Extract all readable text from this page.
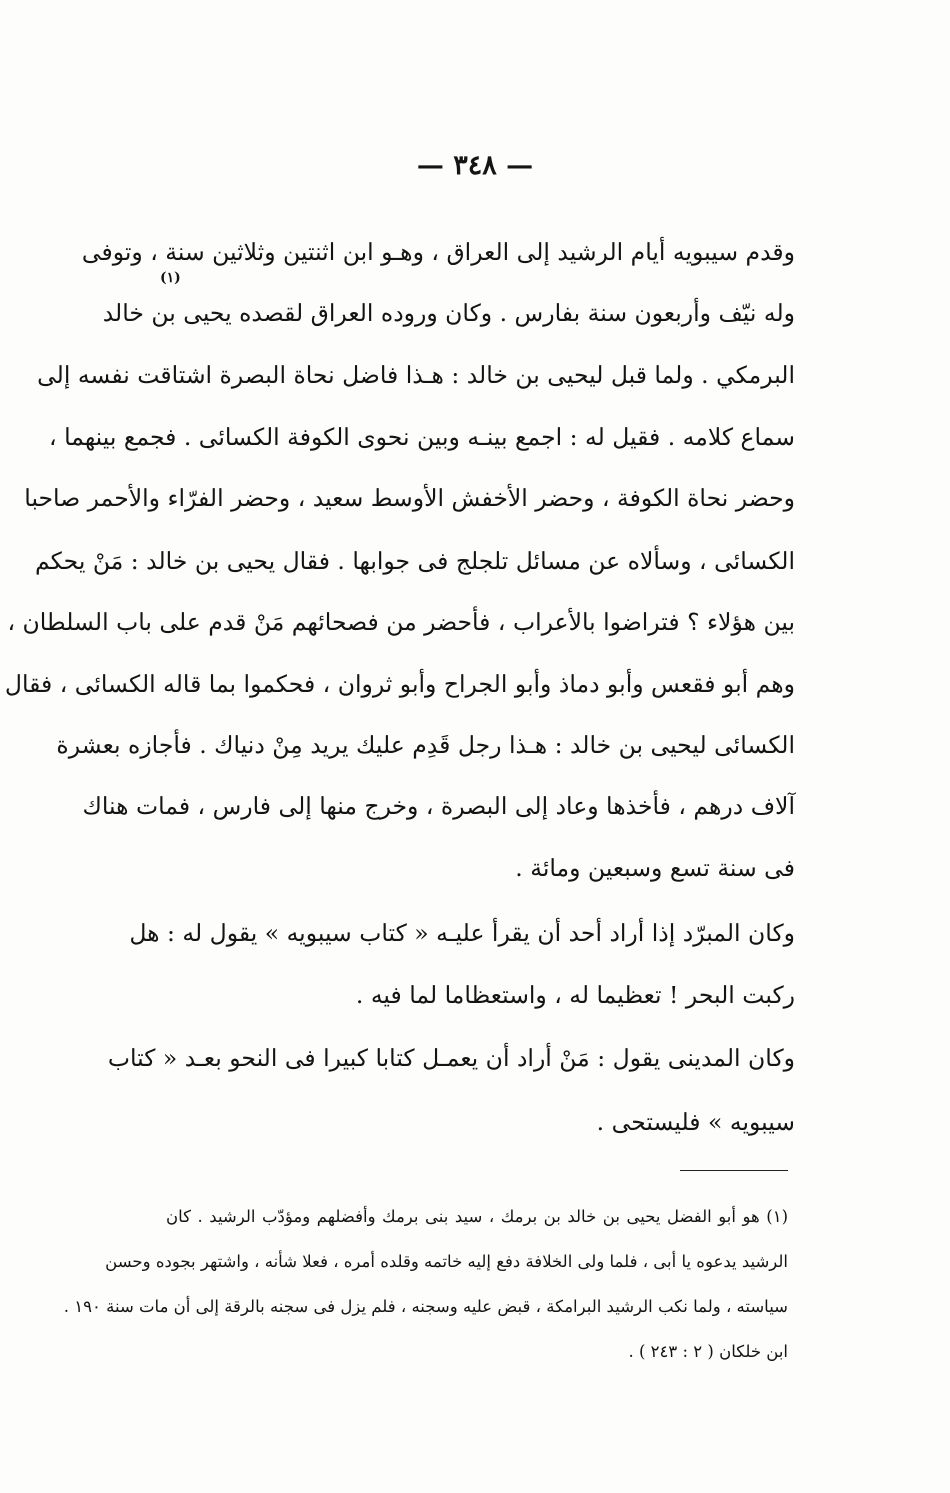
— ٣٤٨ —
وقدم سيبويه أيام الرشيد إلى العراق ، وهـو ابن اثنتين وثلاثين سنة ، وتوفى
(١)
وله نيّف وأربعون سنة بفارس . وكان وروده العراق لقصده يحيى بن خالد
البرمكي . ولما قبل ليحيى بن خالد : هـذا فاضل نحاة البصرة اشتاقت نفسه إلى
سماع كلامه . فقيل له : اجمع بينـه وبين نحوى الكوفة الكسائى . فجمع بينهما ،
وحضر نحاة الكوفة ، وحضر الأخفش الأوسط سعيد ، وحضر الفرّاء والأحمر صاحبا
الكسائى ، وسألاه عن مسائل تلجلج فى جوابها . فقال يحيى بن خالد : مَنْ يحكم
بين هؤلاء ؟ فتراضوا بالأعراب ، فأحضر من فصحائهم مَنْ قدم على باب السلطان ،
وهم أبو فقعس وأبو دماذ وأبو الجراح وأبو ثروان ، فحكموا بما قاله الكسائى ، فقال
الكسائى ليحيى بن خالد : هـذا رجل قَدِم عليك يريد مِنْ دنياك . فأجازه بعشرة
آلاف درهم ، فأخذها وعاد إلى البصرة ، وخرج منها إلى فارس ، فمات هناك
فى سنة تسع وسبعين ومائة .
وكان المبرّد إذا أراد أحد أن يقرأ عليـه « كتاب سيبويه » يقول له : هل
ركبت البحر ! تعظيما له ، واستعظاما لما فيه .
وكان المدينى يقول : مَنْ أراد أن يعمـل كتابا كبيرا فى النحو بعـد « كتاب
سيبويه » فليستحى .
(١) هو أبو الفضل يحيى بن خالد بن برمك ، سيد بنى برمك وأفضلهم ومؤدّب الرشيد . كان
الرشيد يدعوه يا أبى ، فلما ولى الخلافة دفع إليه خاتمه وقلده أمره ، فعلا شأنه ، واشتهر بجوده وحسن
سياسته ، ولما نكب الرشيد البرامكة ، قبض عليه وسجنه ، فلم يزل فى سجنه بالرقة إلى أن مات سنة ١٩٠ .
ابن خلكان ( ٢ : ٢٤٣ ) .
